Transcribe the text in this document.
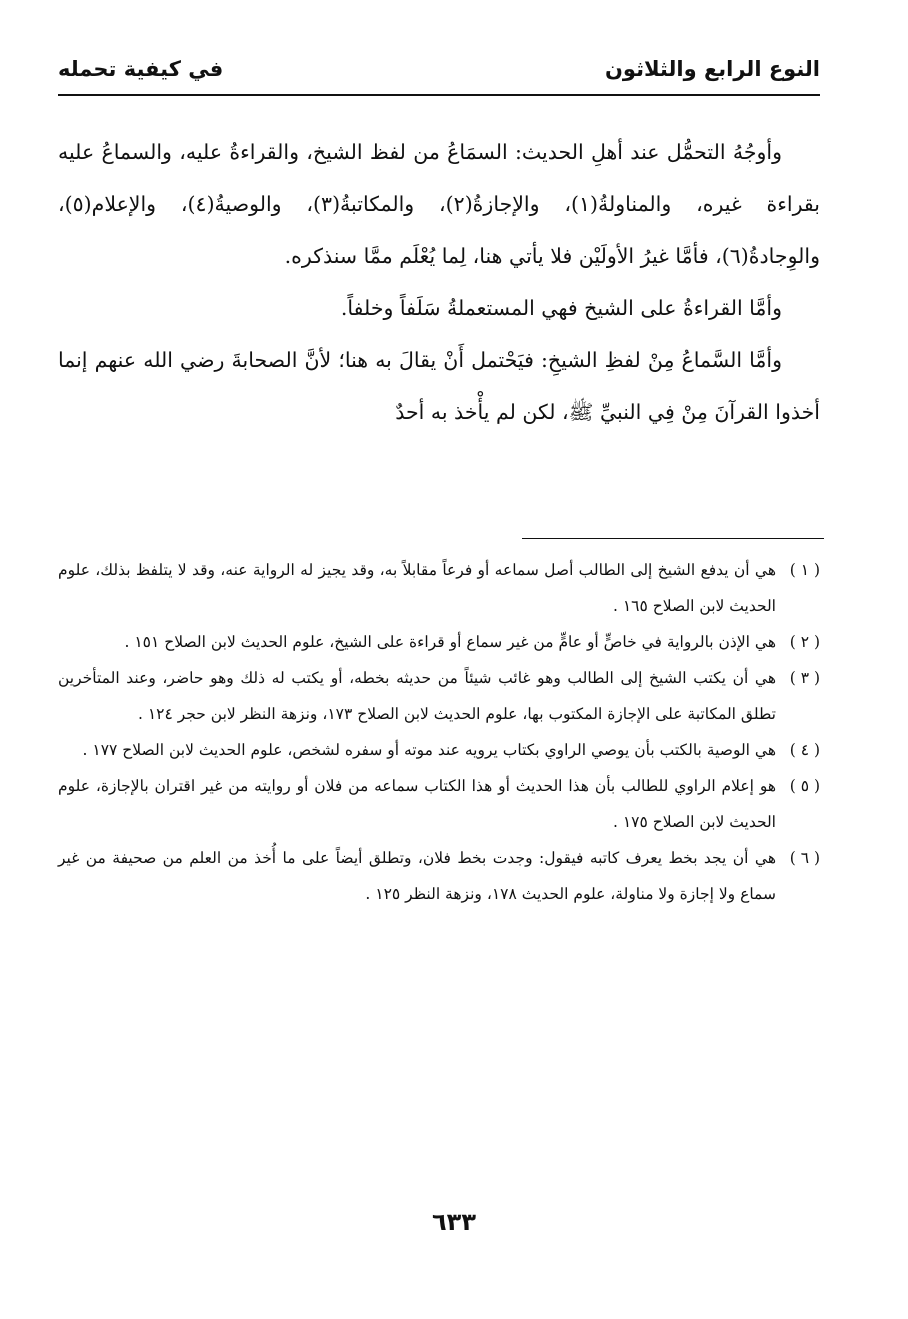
النوع الرابع والثلاثون
في كيفية تحمله

وأوجُهُ التحمُّل عند أهلِ الحديث: السمَاعُ من لفظ الشيخ، والقراءةُ عليه، والسماعُ عليه بقراءة غيره، والمناولةُ(١)، والإجازةُ(٢)، والمكاتبةُ(٣)، والوصيةُ(٤)، والإعلام(٥)، والوِجادةُ(٦)، فأمَّا غيرُ الأولَيْن فلا يأتي هنا، لِما يُعْلَم ممَّا سنذكره.

وأمَّا القراءةُ على الشيخ فهي المستعملةُ سَلَفاً وخلفاً.

وأمَّا السَّماعُ مِنْ لفظِ الشيخِ: فيَحْتمل أَنْ يقالَ به هنا؛ لأنَّ الصحابةَ رضي الله عنهم إنما أخذوا القرآنَ مِنْ فِي النبيِّ ﷺ، لكن لم يأْخذ به أحدٌ

( ١ )
هي أن يدفع الشيخ إلى الطالب أصل سماعه أو فرعاً مقابلاً به، وقد يجيز له الرواية عنه، وقد لا يتلفظ بذلك، علوم الحديث لابن الصلاح ١٦٥ .
( ٢ )
هي الإذن بالرواية في خاصٍّ أو عامٍّ من غير سماع أو قراءة على الشيخ، علوم الحديث لابن الصلاح ١٥١ .
( ٣ )
هي أن يكتب الشيخ إلى الطالب وهو غائب شيئاً من حديثه بخطه، أو يكتب له ذلك وهو حاضر، وعند المتأخرين تطلق المكاتبة على الإجازة المكتوب بها، علوم الحديث لابن الصلاح ١٧٣، ونزهة النظر لابن حجر ١٢٤ .
( ٤ )
هي الوصية بالكتب بأن يوصي الراوي بكتاب يرويه عند موته أو سفره لشخص، علوم الحديث لابن الصلاح ١٧٧ .
( ٥ )
هو إعلام الراوي للطالب بأن هذا الحديث أو هذا الكتاب سماعه من فلان أو روايته من غير اقتران بالإجازة، علوم الحديث لابن الصلاح ١٧٥ .
( ٦ )
هي أن يجد بخط يعرف كاتبه فيقول: وجدت بخط فلان، وتطلق أيضاً على ما أُخذ من العلم من صحيفة من غير سماع ولا إجازة ولا مناولة، علوم الحديث ١٧٨، ونزهة النظر ١٢٥ .
٦٣٣
